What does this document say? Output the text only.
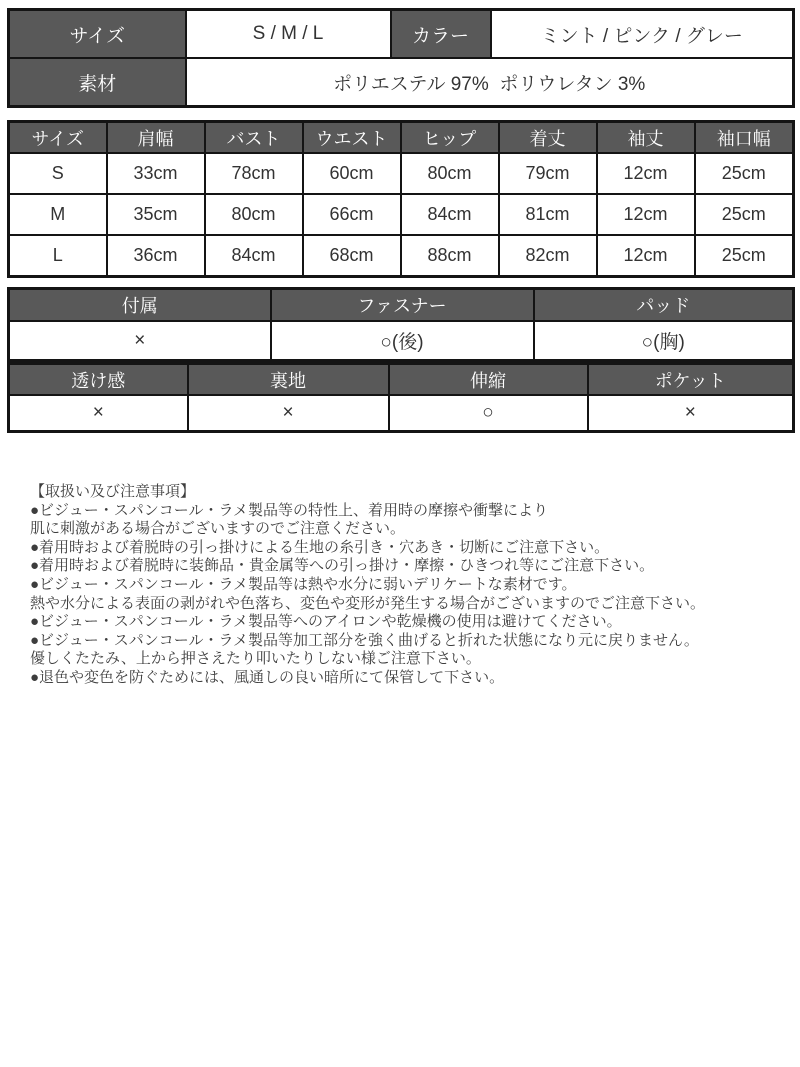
サイズ	S / M / L	カラー	ミント / ピンク / グレー
素材	ポリエステル 97%  ポリウレタン 3%		
サイズ	肩幅	バスト	ウエスト	ヒップ	着丈	袖丈	袖口幅
S	33cm	78cm	60cm	80cm	79cm	12cm	25cm
M	35cm	80cm	66cm	84cm	81cm	12cm	25cm
L	36cm	84cm	68cm	88cm	82cm	12cm	25cm
付属	ファスナー	パッド
×	○(後)	○(胸)
透け感	裏地	伸縮	ポケット
×	×	○	×
【取扱い及び注意事項】
●ビジュー・スパンコール・ラメ製品等の特性上、着用時の摩擦や衝撃により
肌に刺激がある場合がございますのでご注意ください。
●着用時および着脱時の引っ掛けによる生地の糸引き・穴あき・切断にご注意下さい。
●着用時および着脱時に装飾品・貴金属等への引っ掛け・摩擦・ひきつれ等にご注意下さい。
●ビジュー・スパンコール・ラメ製品等は熱や水分に弱いデリケートな素材です。
熱や水分による表面の剥がれや色落ち、変色や変形が発生する場合がございますのでご注意下さい。
●ビジュー・スパンコール・ラメ製品等へのアイロンや乾燥機の使用は避けてください。
●ビジュー・スパンコール・ラメ製品等加工部分を強く曲げると折れた状態になり元に戻りません。
優しくたたみ、上から押さえたり叩いたりしない様ご注意下さい。
●退色や変色を防ぐためには、風通しの良い暗所にて保管して下さい。
